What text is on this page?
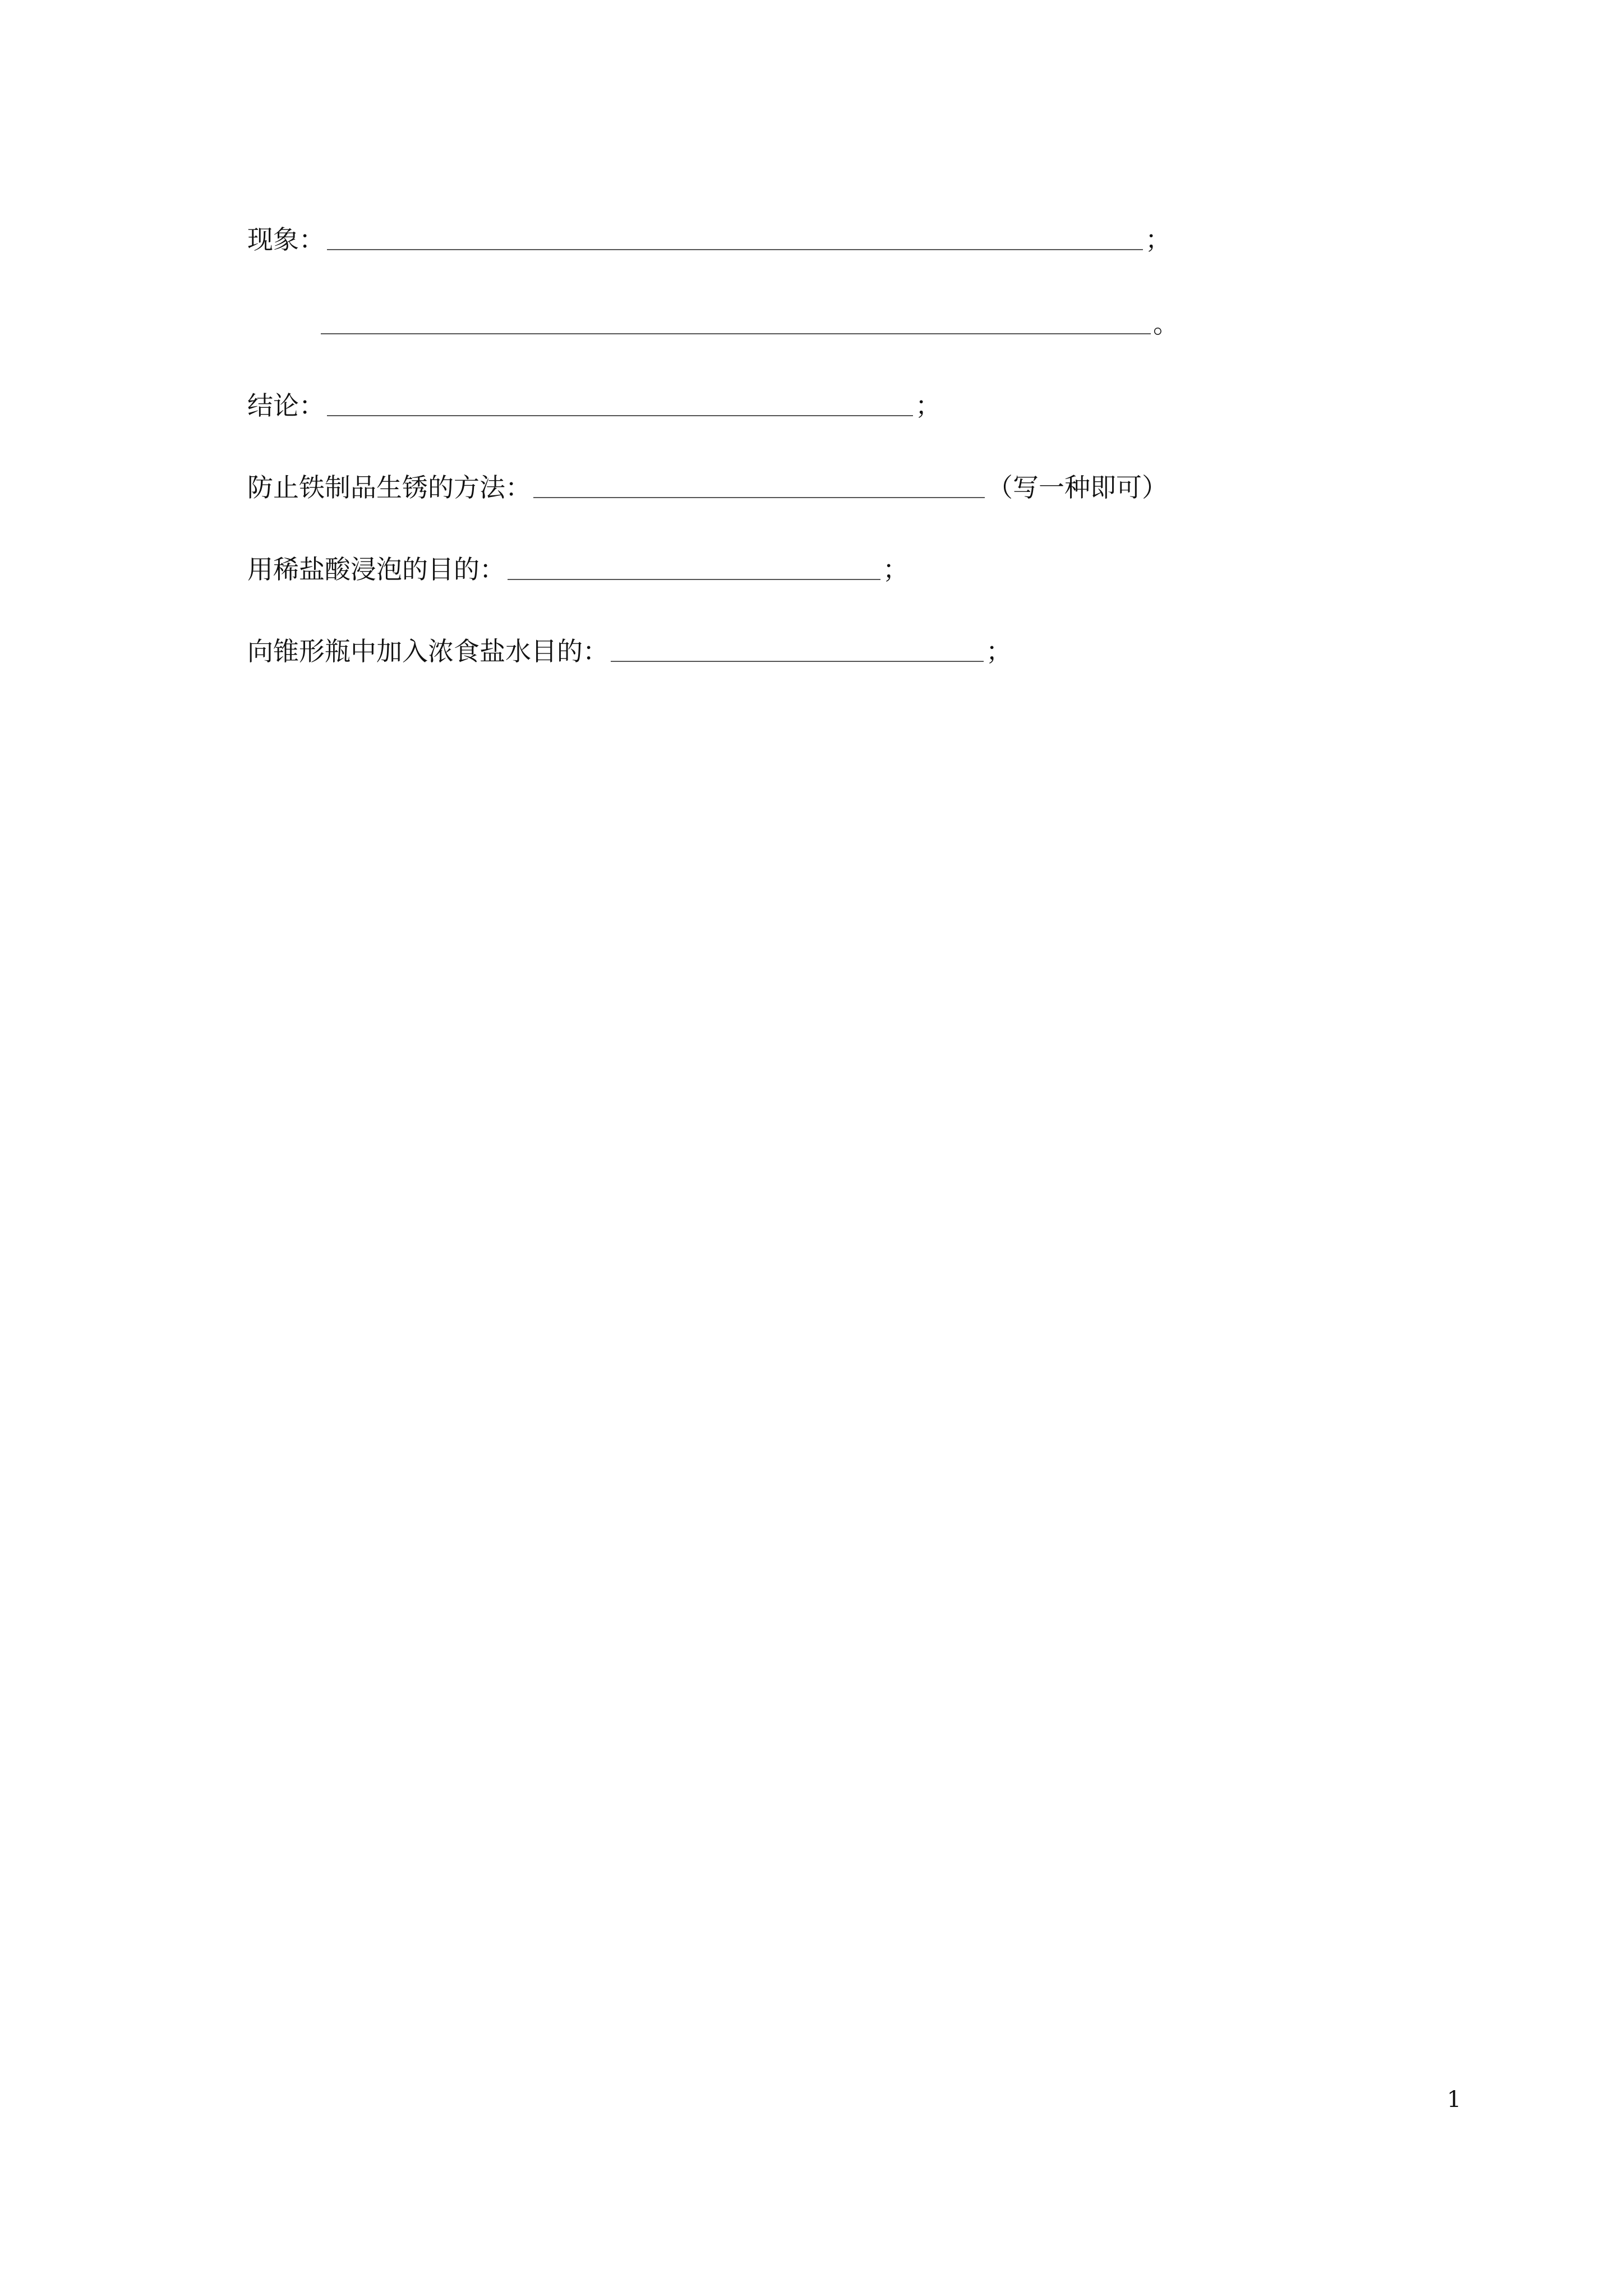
现象：	；
。
结论：	；
防止铁制品生锈的方法：	（写一种即可）
用稀盐酸浸泡的目的：	；
向锥形瓶中加入浓食盐水目的：	；
1
